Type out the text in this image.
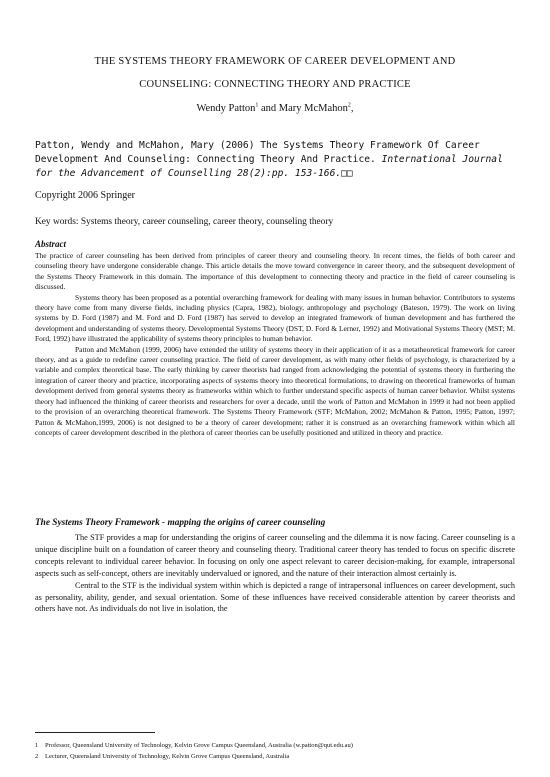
THE SYSTEMS THEORY FRAMEWORK OF CAREER DEVELOPMENT AND
COUNSELING: CONNECTING THEORY AND PRACTICE
Wendy Patton$^1$ and Mary McMahon$^2$,
Patton, Wendy and McMahon, Mary (2006) The Systems Theory Framework Of Career Development And Counseling: Connecting Theory And Practice. International Journal for the Advancement of Counselling 28(2):pp. 153-166.□□
Copyright 2006 Springer
Key words: Systems theory, career counseling, career theory, counseling theory
Abstract

The practice of career counseling has been derived from principles of career theory and counseling theory. In recent times, the fields of both career and counseling theory have undergone considerable change. This article details the move toward convergence in career theory, and the subsequent development of the Systems Theory Framework in this domain. The importance of this development to connecting theory and practice in the field of career counseling is discussed.

Systems theory has been proposed as a potential overarching framework for dealing with many issues in human behavior. Contributors to systems theory have come from many diverse fields, including physics (Capra, 1982), biology, anthropology and psychology (Bateson, 1979). The work on living systems by D. Ford (1987) and M. Ford and D. Ford (1987) has served to develop an integrated framework of human development and has furthered the development and understanding of systems theory. Developmental Systems Theory (DST, D. Ford & Lerner, 1992) and Motivational Systems Theory (MST; M. Ford, 1992) have illustrated the applicability of systems theory principles to human behavior.

Patton and McMahon (1999, 2006) have extended the utility of systems theory in their application of it as a metatheoretical framework for career theory, and as a guide to redefine career counseling practice. The field of career development, as with many other fields of psychology, is characterized by a variable and complex theoretical base. The early thinking by career theorists had ranged from acknowledging the potential of systems theory in furthering the integration of career theory and practice, incorporating aspects of systems theory into theoretical formulations, to drawing on theoretical frameworks of human development derived from general systems theory as frameworks within which to further understand specific aspects of human career behavior. Whilst systems theory had influenced the thinking of career theorists and researchers for over a decade, until the work of Patton and McMahon in 1999 it had not been applied to the provision of an overarching theoretical framework. The Systems Theory Framework (STF; McMahon, 2002; McMahon & Patton, 1995; Patton, 1997; Patton & McMahon,1999, 2006) is not designed to be a theory of career development; rather it is construed as an overarching framework within which all concepts of career development described in the plethora of career theories can be usefully positioned and utilized in theory and practice.

The Systems Theory Framework - mapping the origins of career counseling

The STF provides a map for understanding the origins of career counseling and the dilemma it is now facing. Career counseling is a unique discipline built on a foundation of career theory and counseling theory. Traditional career theory has tended to focus on specific discrete concepts relevant to individual career behavior. In focusing on only one aspect relevant to career decision-making, for example, intrapersonal aspects such as self-concept, others are inevitably undervalued or ignored, and the nature of their interaction almost certainly is.

Central to the STF is the individual system within which is depicted a range of intrapersonal influences on career development, such as personality, ability, gender, and sexual orientation. Some of these influences have received considerable attention by career theorists and others have not. As individuals do not live in isolation, the

1 Professor, Queensland University of Technology, Kelvin Grove Campus Queensland, Australia (w.patton@qut.edu.au)
2 Lecturer, Queensland University of Technology, Kelvin Grove Campus Queensland, Australia
